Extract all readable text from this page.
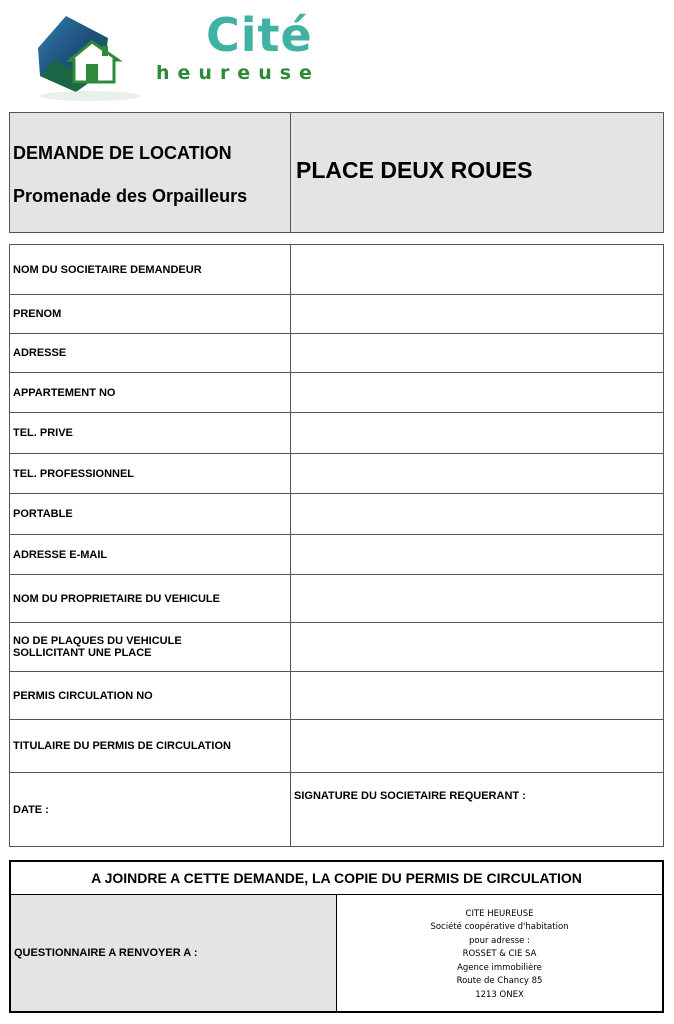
Cité
heureuse
DEMANDE DE LOCATION
Promenade des Orpailleurs
	PLACE DEUX ROUES
NOM DU SOCIETAIRE DEMANDEUR	
PRENOM	
ADRESSE	
APPARTEMENT NO	
TEL. PRIVE	
TEL. PROFESSIONNEL	
PORTABLE	
ADRESSE E-MAIL	
NOM DU PROPRIETAIRE DU VEHICULE	
NO DE PLAQUES DU VEHICULE
SOLLICITANT UNE PLACE	
PERMIS CIRCULATION NO	
TITULAIRE DU PERMIS DE CIRCULATION	
DATE :	SIGNATURE DU SOCIETAIRE REQUERANT :
A JOINDRE A CETTE DEMANDE, LA COPIE DU PERMIS DE CIRCULATION
QUESTIONNAIRE A RENVOYER A :	
CITE HEUREUSE
Société coopérative d'habitation
pour adresse :
ROSSET & CIE SA
Agence immobilière
Route de Chancy 85
1213 ONEX
